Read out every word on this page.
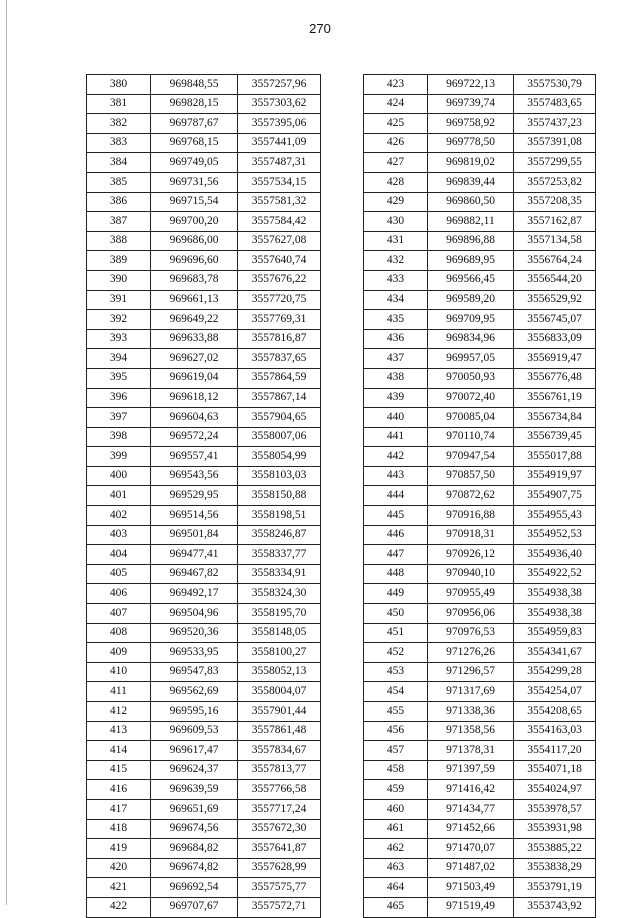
270
380	969848,55	3557257,96
381	969828,15	3557303,62
382	969787,67	3557395,06
383	969768,15	3557441,09
384	969749,05	3557487,31
385	969731,56	3557534,15
386	969715,54	3557581,32
387	969700,20	3557584,42
388	969686,00	3557627,08
389	969696,60	3557640,74
390	969683,78	3557676,22
391	969661,13	3557720,75
392	969649,22	3557769,31
393	969633,88	3557816,87
394	969627,02	3557837,65
395	969619,04	3557864,59
396	969618,12	3557867,14
397	969604,63	3557904,65
398	969572,24	3558007,06
399	969557,41	3558054,99
400	969543,56	3558103,03
401	969529,95	3558150,88
402	969514,56	3558198,51
403	969501,84	3558246,87
404	969477,41	3558337,77
405	969467,82	3558334,91
406	969492,17	3558324,30
407	969504,96	3558195,70
408	969520,36	3558148,05
409	969533,95	3558100,27
410	969547,83	3558052,13
411	969562,69	3558004,07
412	969595,16	3557901,44
413	969609,53	3557861,48
414	969617,47	3557834,67
415	969624,37	3557813,77
416	969639,59	3557766,58
417	969651,69	3557717,24
418	969674,56	3557672,30
419	969684,82	3557641,87
420	969674,82	3557628,99
421	969692,54	3557575,77
422	969707,67	3557572,71
423	969722,13	3557530,79
424	969739,74	3557483,65
425	969758,92	3557437,23
426	969778,50	3557391,08
427	969819,02	3557299,55
428	969839,44	3557253,82
429	969860,50	3557208,35
430	969882,11	3557162,87
431	969896,88	3557134,58
432	969689,95	3556764,24
433	969566,45	3556544,20
434	969589,20	3556529,92
435	969709,95	3556745,07
436	969834,96	3556833,09
437	969957,05	3556919,47
438	970050,93	3556776,48
439	970072,40	3556761,19
440	970085,04	3556734,84
441	970110,74	3556739,45
442	970947,54	3555017,88
443	970857,50	3554919,97
444	970872,62	3554907,75
445	970916,88	3554955,43
446	970918,31	3554952,53
447	970926,12	3554936,40
448	970940,10	3554922,52
449	970955,49	3554938,38
450	970956,06	3554938,38
451	970976,53	3554959,83
452	971276,26	3554341,67
453	971296,57	3554299,28
454	971317,69	3554254,07
455	971338,36	3554208,65
456	971358,56	3554163,03
457	971378,31	3554117,20
458	971397,59	3554071,18
459	971416,42	3554024,97
460	971434,77	3553978,57
461	971452,66	3553931,98
462	971470,07	3553885,22
463	971487,02	3553838,29
464	971503,49	3553791,19
465	971519,49	3553743,92
